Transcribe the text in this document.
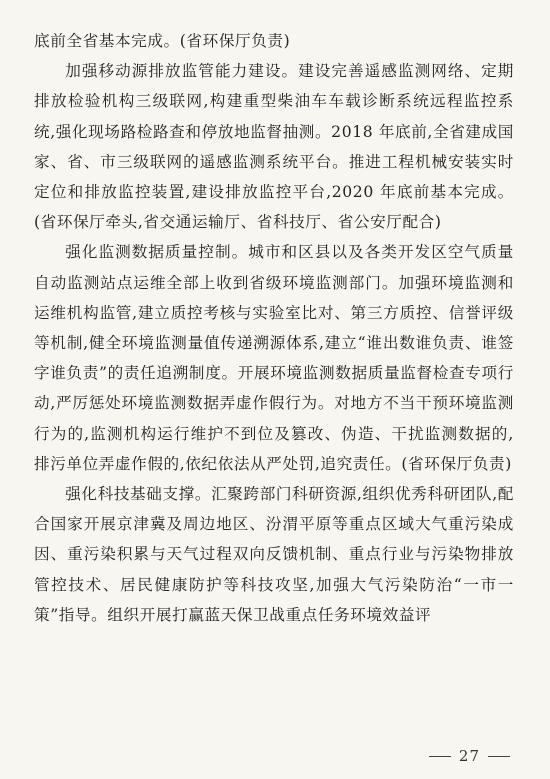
底前全省基本完成。(省环保厅负责)

加强移动源排放监管能力建设。建设完善遥感监测网络、定期排放检验机构三级联网,构建重型柴油车车载诊断系统远程监控系统,强化现场路检路查和停放地监督抽测。2018 年底前,全省建成国家、省、市三级联网的遥感监测系统平台。推进工程机械安装实时定位和排放监控装置,建设排放监控平台,2020 年底前基本完成。(省环保厅牵头,省交通运输厅、省科技厅、省公安厅配合)

强化监测数据质量控制。城市和区县以及各类开发区空气质量自动监测站点运维全部上收到省级环境监测部门。加强环境监测和运维机构监管,建立质控考核与实验室比对、第三方质控、信誉评级等机制,健全环境监测量值传递溯源体系,建立“谁出数谁负责、谁签字谁负责”的责任追溯制度。开展环境监测数据质量监督检查专项行动,严厉惩处环境监测数据弄虚作假行为。对地方不当干预环境监测行为的,监测机构运行维护不到位及篡改、伪造、干扰监测数据的,排污单位弄虚作假的,依纪依法从严处罚,追究责任。(省环保厅负责)

强化科技基础支撑。汇聚跨部门科研资源,组织优秀科研团队,配合国家开展京津冀及周边地区、汾渭平原等重点区域大气重污染成因、重污染积累与天气过程双向反馈机制、重点行业与污染物排放管控技术、居民健康防护等科技攻坚,加强大气污染防治“一市一策”指导。组织开展打赢蓝天保卫战重点任务环境效益评

27
